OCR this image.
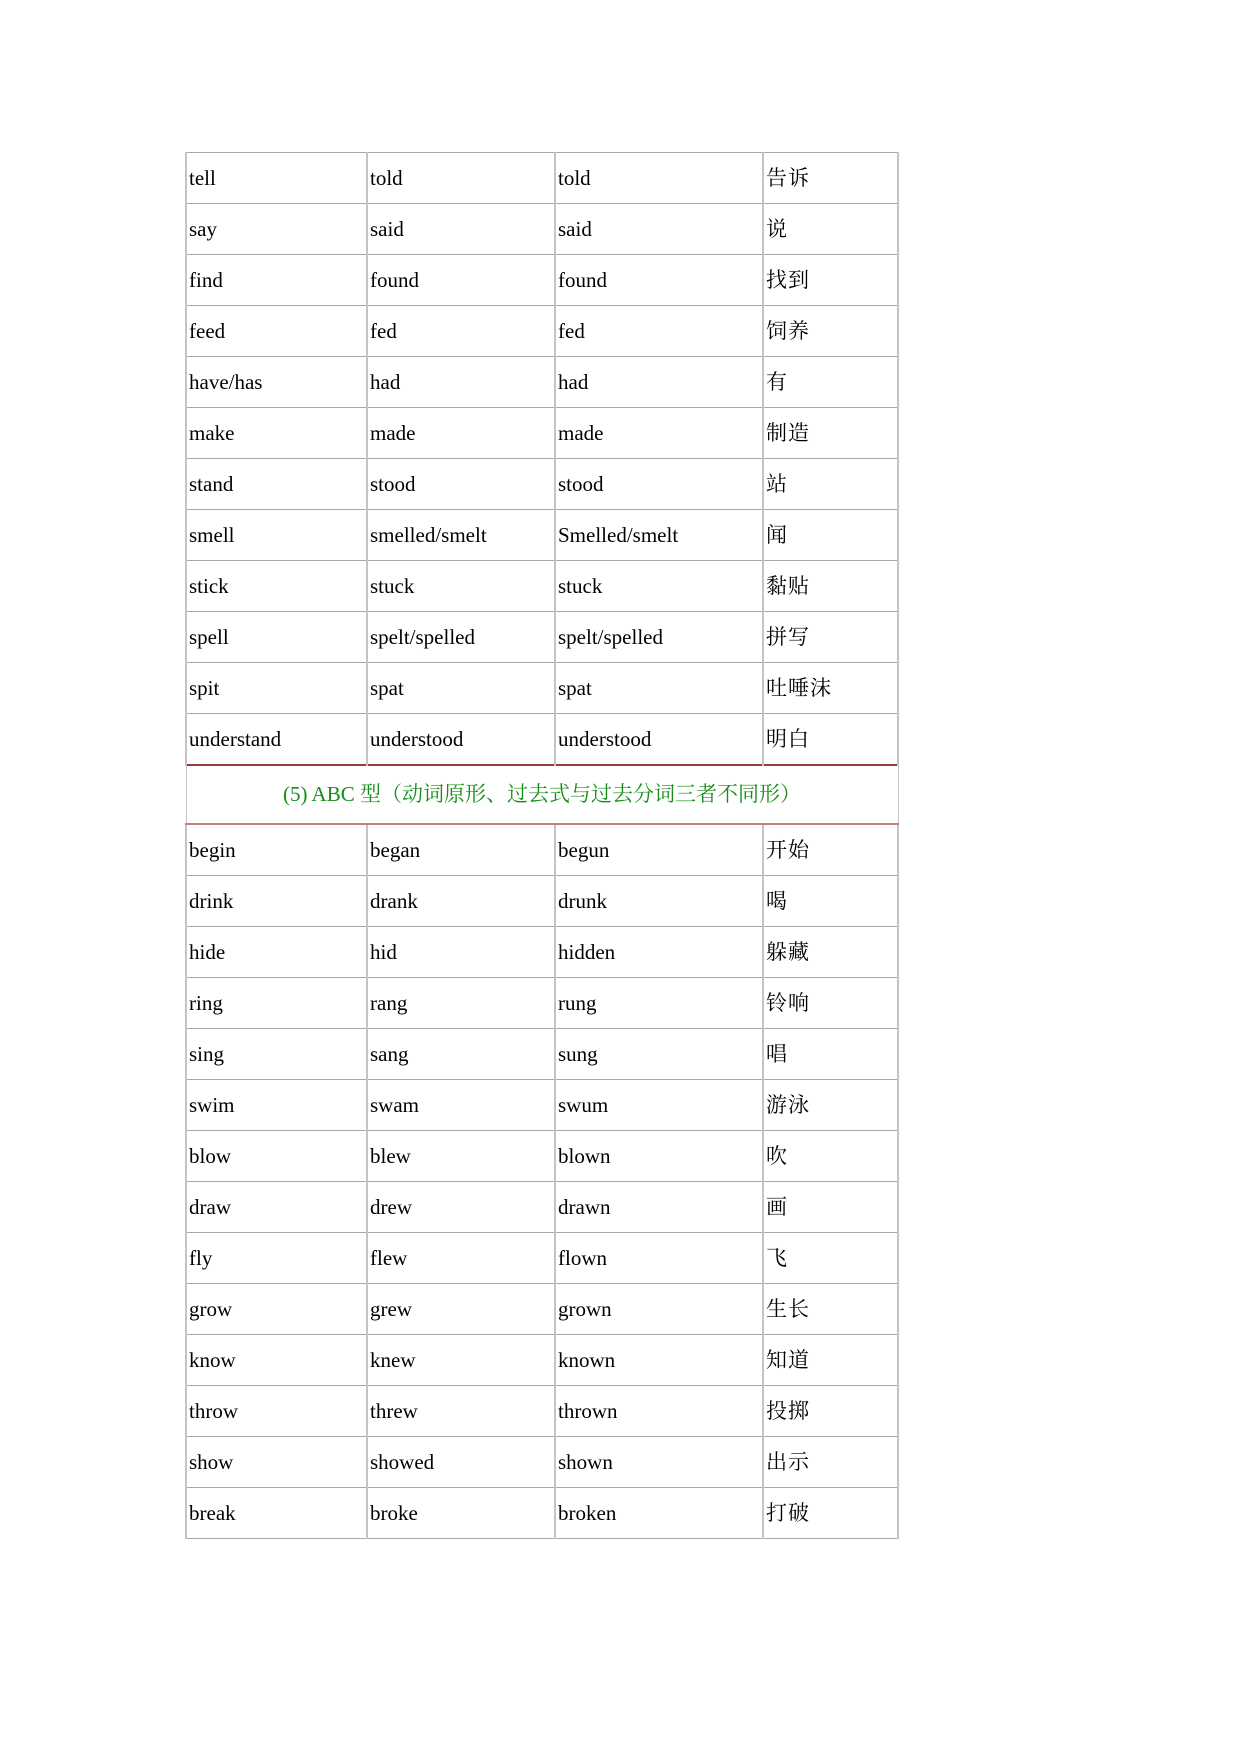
tell	told	told	告诉
say	said	said	说
find	found	found	找到
feed	fed	fed	饲养
have/has	had	had	有
make	made	made	制造
stand	stood	stood	站
smell	smelled/smelt	Smelled/smelt	闻
stick	stuck	stuck	黏贴
spell	spelt/spelled	spelt/spelled	拼写
spit	spat	spat	吐唾沫
understand	understood	understood	明白
(5) ABC 型（动词原形、过去式与过去分词三者不同形）			
begin	began	begun	开始
drink	drank	drunk	喝
hide	hid	hidden	躲藏
ring	rang	rung	铃响
sing	sang	sung	唱
swim	swam	swum	游泳
blow	blew	blown	吹
draw	drew	drawn	画
fly	flew	flown	飞
grow	grew	grown	生长
know	knew	known	知道
throw	threw	thrown	投掷
show	showed	shown	出示
break	broke	broken	打破
